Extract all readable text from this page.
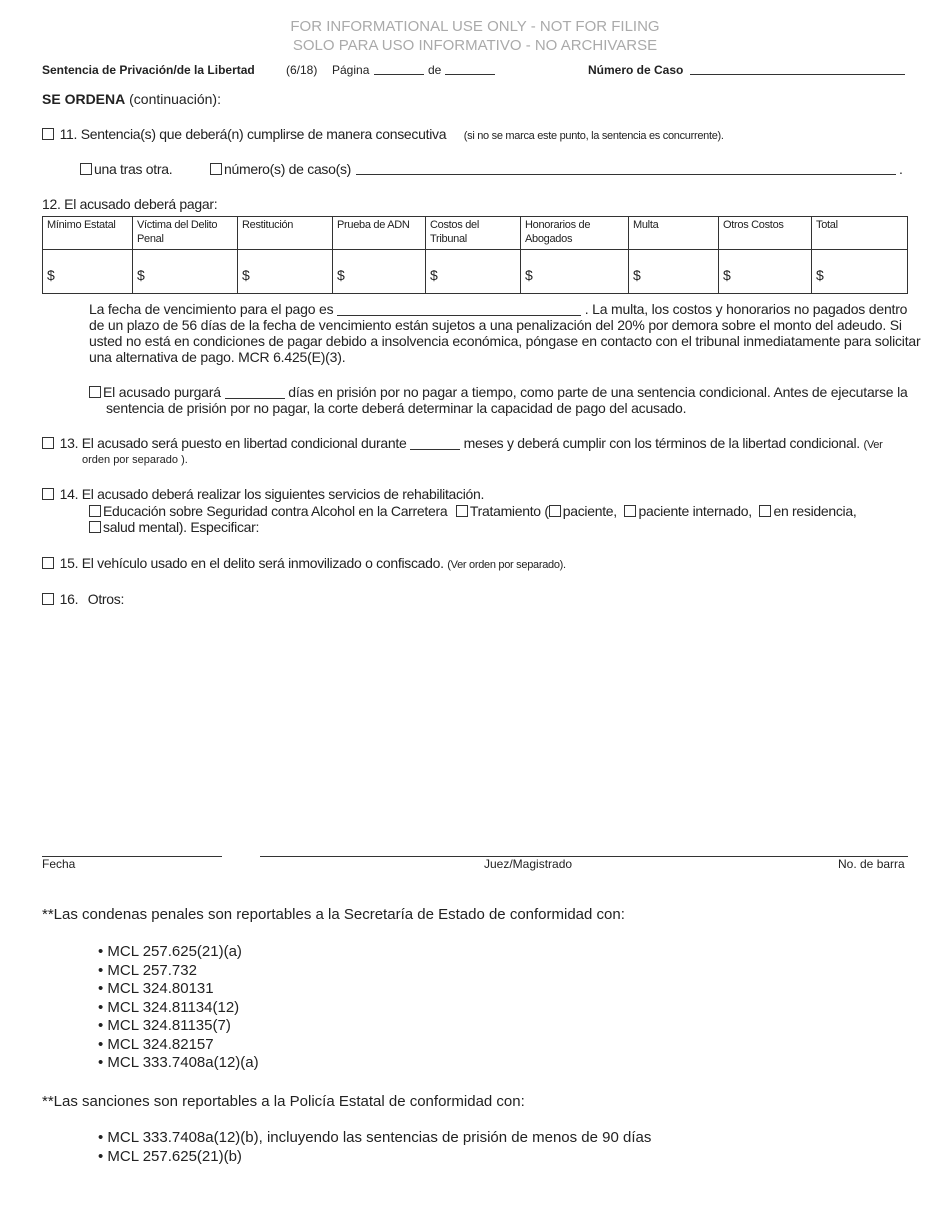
FOR INFORMATIONAL USE ONLY - NOT FOR FILING
SOLO PARA USO INFORMATIVO - NO ARCHIVARSE
Sentencia de Privación/de la Libertad	(6/18) Página	de	Número de Caso
SE ORDENA (continuación):
11. Sentencia(s) que deberá(n) cumplirse de manera consecutiva (si no se marca este punto, la sentencia es concurrente).
una tras otra.	número(s) de caso(s)	.
12. El acusado deberá pagar:
Mínimo Estatal	Víctima del Delito Penal	Restitución	Prueba de ADN	Costos del Tribunal	Honorarios de Abogados	Multa	Otros Costos	Total
$	$	$	$	$	$	$	$	$
La fecha de vencimiento para el pago es	. La multa, los costos y honorarios no pagados dentro
de un plazo de 56 días de la fecha de vencimiento están sujetos a una penalización del 20% por demora sobre el monto del adeudo. Si
usted no está en condiciones de pagar debido a insolvencia económica, póngase en contacto con el tribunal inmediatamente para solicitar
una alternativa de pago. MCR 6.425(E)(3).
El acusado purgará	días en prisión por no pagar a tiempo, como parte de una sentencia condicional. Antes de ejecutarse la
sentencia de prisión por no pagar, la corte deberá determinar la capacidad de pago del acusado.
13. El acusado será puesto en libertad condicional durante	meses y deberá cumplir con los términos de la libertad condicional. (Ver
orden por separado ).
14. El acusado deberá realizar los siguientes servicios de rehabilitación.
Educación sobre Seguridad contra Alcohol en la Carretera Tratamiento ( paciente, paciente internado, en residencia,
salud mental). Especificar:
15. El vehículo usado en el delito será inmovilizado o confiscado. (Ver orden por separado).
16. Otros:
Fecha	Juez/Magistrado	No. de barra
**Las condenas penales son reportables a la Secretaría de Estado de conformidad con:
• MCL 257.625(21)(a)
• MCL 257.732
• MCL 324.80131
• MCL 324.81134(12)
• MCL 324.81135(7)
• MCL 324.82157
• MCL 333.7408a(12)(a)
**Las sanciones son reportables a la Policía Estatal de conformidad con:
• MCL 333.7408a(12)(b), incluyendo las sentencias de prisión de menos de 90 días
• MCL 257.625(21)(b)
